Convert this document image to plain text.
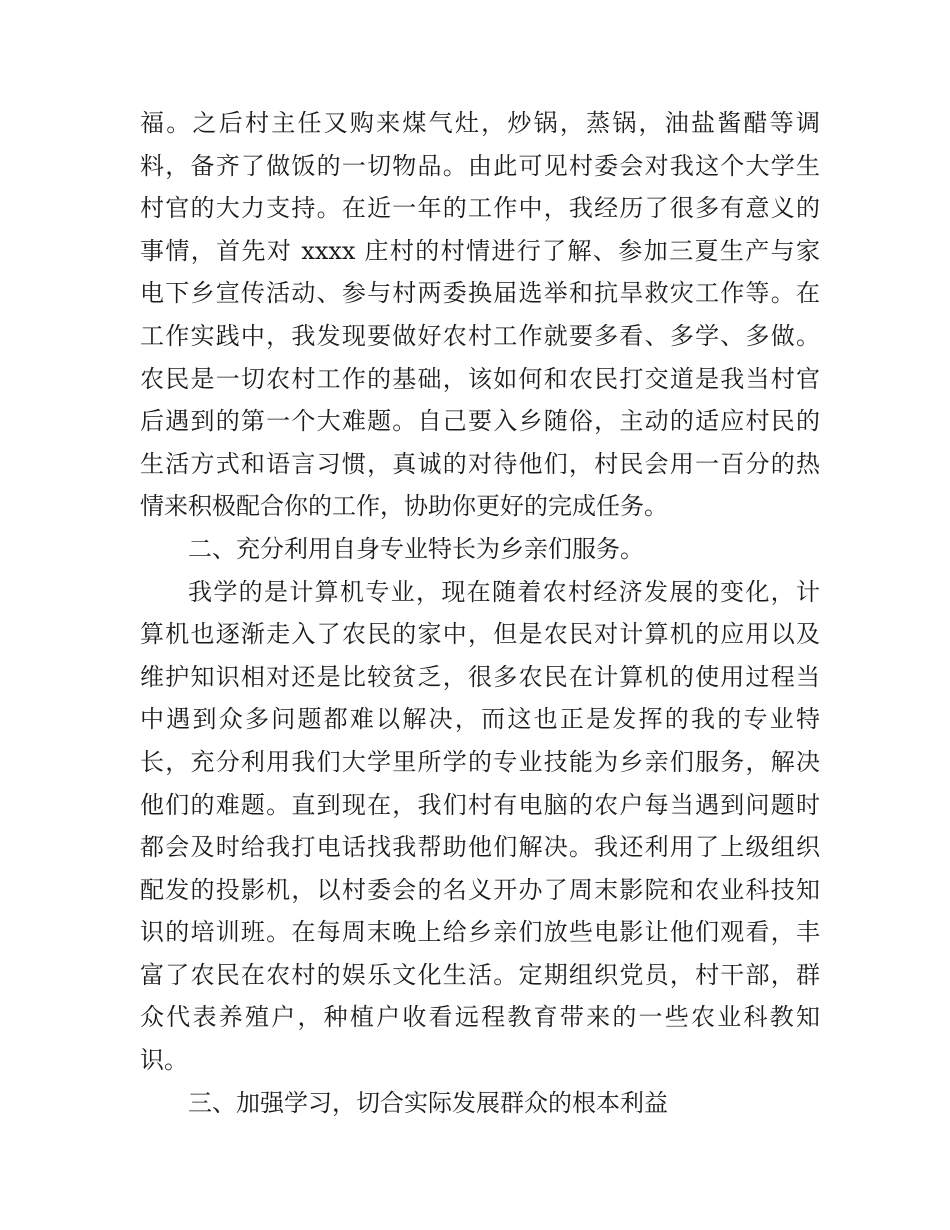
福。之后村主任又购来煤气灶，炒锅，蒸锅，油盐酱醋等调
料，备齐了做饭的一切物品。由此可见村委会对我这个大学生
村官的大力支持。在近一年的工作中，我经历了很多有意义的
事情，首先对 xxxx 庄村的村情进行了解、参加三夏生产与家
电下乡宣传活动、参与村两委换届选举和抗旱救灾工作等。在
工作实践中，我发现要做好农村工作就要多看、多学、多做。
农民是一切农村工作的基础，该如何和农民打交道是我当村官
后遇到的第一个大难题。自己要入乡随俗，主动的适应村民的
生活方式和语言习惯，真诚的对待他们，村民会用一百分的热
情来积极配合你的工作，协助你更好的完成任务。
二、充分利用自身专业特长为乡亲们服务。
我学的是计算机专业，现在随着农村经济发展的变化，计
算机也逐渐走入了农民的家中，但是农民对计算机的应用以及
维护知识相对还是比较贫乏，很多农民在计算机的使用过程当
中遇到众多问题都难以解决，而这也正是发挥的我的专业特
长，充分利用我们大学里所学的专业技能为乡亲们服务，解决
他们的难题。直到现在，我们村有电脑的农户每当遇到问题时
都会及时给我打电话找我帮助他们解决。我还利用了上级组织
配发的投影机，以村委会的名义开办了周末影院和农业科技知
识的培训班。在每周末晚上给乡亲们放些电影让他们观看，丰
富了农民在农村的娱乐文化生活。定期组织党员，村干部，群
众代表养殖户，种植户收看远程教育带来的一些农业科教知
识。
三、加强学习，切合实际发展群众的根本利益
